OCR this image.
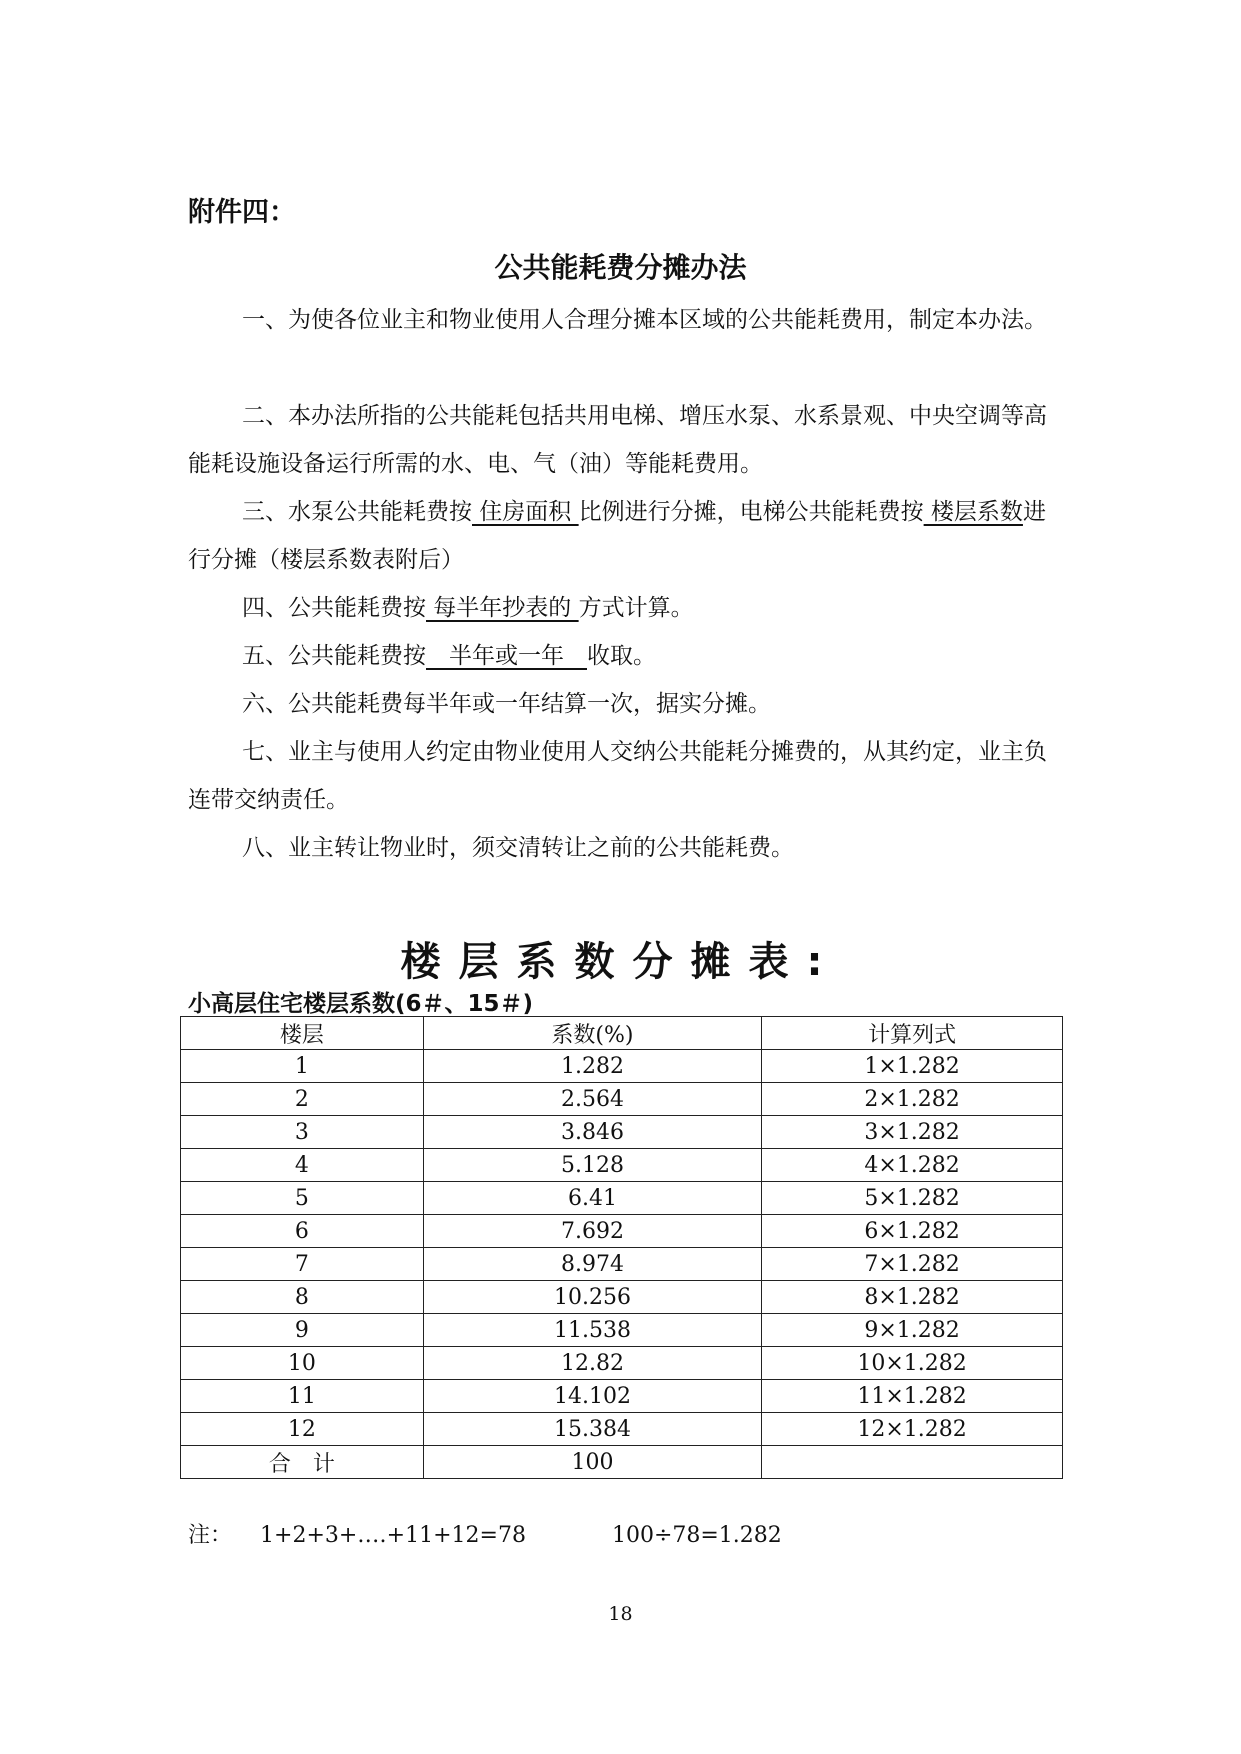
附件四：
公共能耗费分摊办法
一、为使各位业主和物业使用人合理分摊本区域的公共能耗费用，制定本办法。
二、本办法所指的公共能耗包括共用电梯、增压水泵、水系景观、中央空调等高能耗设施设备运行所需的水、电、气（油）等能耗费用。
三、水泵公共能耗费按 住房面积 比例进行分摊，电梯公共能耗费按 楼层系数进行分摊（楼层系数表附后）
四、公共能耗费按 每半年抄表的 方式计算。
五、公共能耗费按　半年或一年　收取。
六、公共能耗费每半年或一年结算一次，据实分摊。
七、业主与使用人约定由物业使用人交纳公共能耗分摊费的，从其约定，业主负连带交纳责任。
八、业主转让物业时，须交清转让之前的公共能耗费。
楼层系数分摊表:
小高层住宅楼层系数(6＃、15＃)
楼层	系数(%)	计算列式
1	1.282	1×1.282
2	2.564	2×1.282
3	3.846	3×1.282
4	5.128	4×1.282
5	6.41	5×1.282
6	7.692	6×1.282
7	8.974	7×1.282
8	10.256	8×1.282
9	11.538	9×1.282
10	12.82	10×1.282
11	14.102	11×1.282
12	15.384	12×1.282
合　计	100	
注： 1+2+3+‥‥+11+12=78	100÷78=1.282
18
